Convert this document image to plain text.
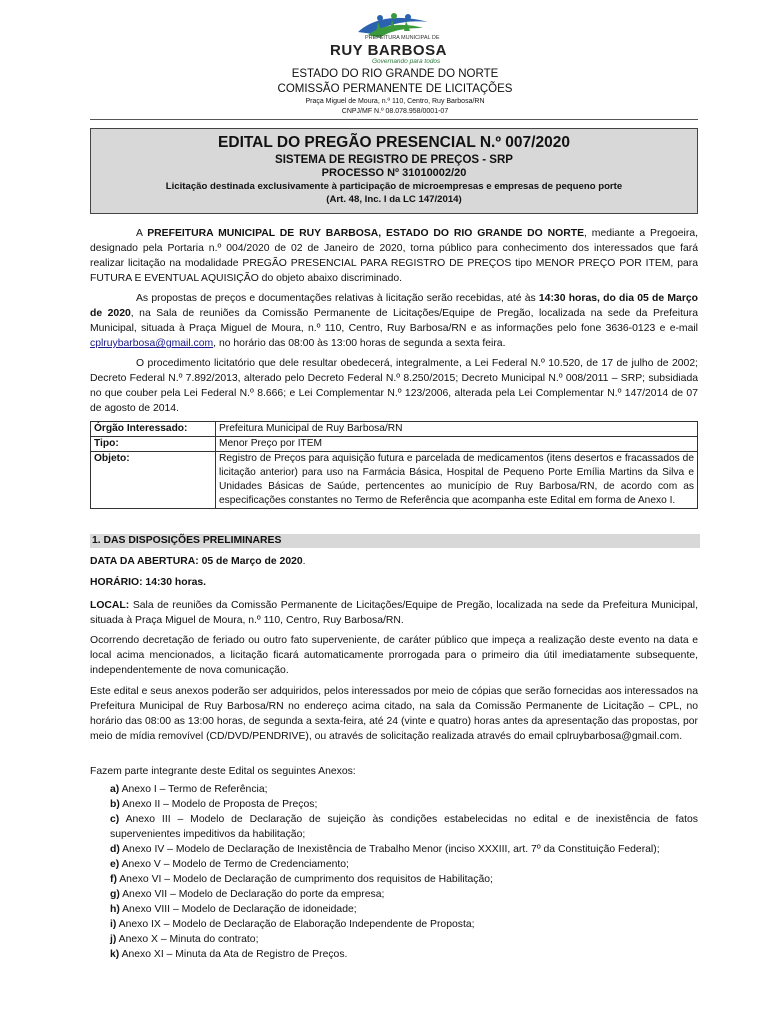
PREFEITURA MUNICIPAL DE
RUY BARBOSA
Governando para todos
ESTADO DO RIO GRANDE DO NORTE
COMISSÃO PERMANENTE DE LICITAÇÕES
Praça Miguel de Moura, n.º 110, Centro, Ruy Barbosa/RN
CNPJ/MF N.º 08.078.958/0001-07
EDITAL DO PREGÃO PRESENCIAL N.º 007/2020
SISTEMA DE REGISTRO DE PREÇOS - SRP
PROCESSO Nº 31010002/20
Licitação destinada exclusivamente à participação de microempresas e empresas de pequeno porte
(Art. 48, Inc. I da LC 147/2014)
A PREFEITURA MUNICIPAL DE RUY BARBOSA, ESTADO DO RIO GRANDE DO NORTE, mediante a Pregoeira, designado pela Portaria n.º 004/2020 de 02 de Janeiro de 2020, torna público para conhecimento dos interessados que fará realizar licitação na modalidade PREGÃO PRESENCIAL PARA REGISTRO DE PREÇOS tipo MENOR PREÇO POR ITEM, para FUTURA E EVENTUAL AQUISIÇÃO do objeto abaixo discriminado.
As propostas de preços e documentações relativas à licitação serão recebidas, até às 14:30 horas, do dia 05 de Março de 2020, na Sala de reuniões da Comissão Permanente de Licitações/Equipe de Pregão, localizada na sede da Prefeitura Municipal, situada à Praça Miguel de Moura, n.º 110, Centro, Ruy Barbosa/RN e as informações pelo fone 3636-0123 e e-mail cplruybarbosa@gmail.com, no horário das 08:00 às 13:00 horas de segunda a sexta feira.
O procedimento licitatório que dele resultar obedecerá, integralmente, a Lei Federal N.º 10.520, de 17 de julho de 2002; Decreto Federal N.º 7.892/2013, alterado pelo Decreto Federal N.º 8.250/2015; Decreto Municipal N.º 008/2011 – SRP; subsidiada no que couber pela Lei Federal N.º 8.666; e Lei Complementar N.º 123/2006, alterada pela Lei Complementar N.º 147/2014 de 07 de agosto de 2014.
Órgão Interessado:	Prefeitura Municipal de Ruy Barbosa/RN
Tipo:	Menor Preço por ITEM
Objeto:	Registro de Preços para aquisição futura e parcelada de medicamentos (itens desertos e fracassados de licitação anterior) para uso na Farmácia Básica, Hospital de Pequeno Porte Emília Martins da Silva e Unidades Básicas de Saúde, pertencentes ao município de Ruy Barbosa/RN, de acordo com as especificações constantes no Termo de Referência que acompanha este Edital em forma de Anexo I.
1. DAS DISPOSIÇÕES PRELIMINARES
DATA DA ABERTURA: 05 de Março de 2020.
HORÁRIO: 14:30 horas.
LOCAL: Sala de reuniões da Comissão Permanente de Licitações/Equipe de Pregão, localizada na sede da Prefeitura Municipal, situada à Praça Miguel de Moura, n.º 110, Centro, Ruy Barbosa/RN.
Ocorrendo decretação de feriado ou outro fato superveniente, de caráter público que impeça a realização deste evento na data e local acima mencionados, a licitação ficará automaticamente prorrogada para o primeiro dia útil imediatamente subsequente, independentemente de nova comunicação.
Este edital e seus anexos poderão ser adquiridos, pelos interessados por meio de cópias que serão fornecidas aos interessados na Prefeitura Municipal de Ruy Barbosa/RN no endereço acima citado, na sala da Comissão Permanente de Licitação – CPL, no horário das 08:00 as 13:00 horas, de segunda a sexta-feira, até 24 (vinte e quatro) horas antes da apresentação das propostas, por meio de mídia removível (CD/DVD/PENDRIVE), ou através de solicitação realizada através do email cplruybarbosa@gmail.com.
Fazem parte integrante deste Edital os seguintes Anexos:
a) Anexo I – Termo de Referência;
b) Anexo II – Modelo de Proposta de Preços;
c) Anexo III – Modelo de Declaração de sujeição às condições estabelecidas no edital e de inexistência de fatos supervenientes impeditivos da habilitação;
d) Anexo IV – Modelo de Declaração de Inexistência de Trabalho Menor (inciso XXXIII, art. 7º da Constituição Federal);
e) Anexo V – Modelo de Termo de Credenciamento;
f) Anexo VI – Modelo de Declaração de cumprimento dos requisitos de Habilitação;
g) Anexo VII – Modelo de Declaração do porte da empresa;
h) Anexo VIII – Modelo de Declaração de idoneidade;
i) Anexo IX – Modelo de Declaração de Elaboração Independente de Proposta;
j) Anexo X – Minuta do contrato;
k) Anexo XI – Minuta da Ata de Registro de Preços.
